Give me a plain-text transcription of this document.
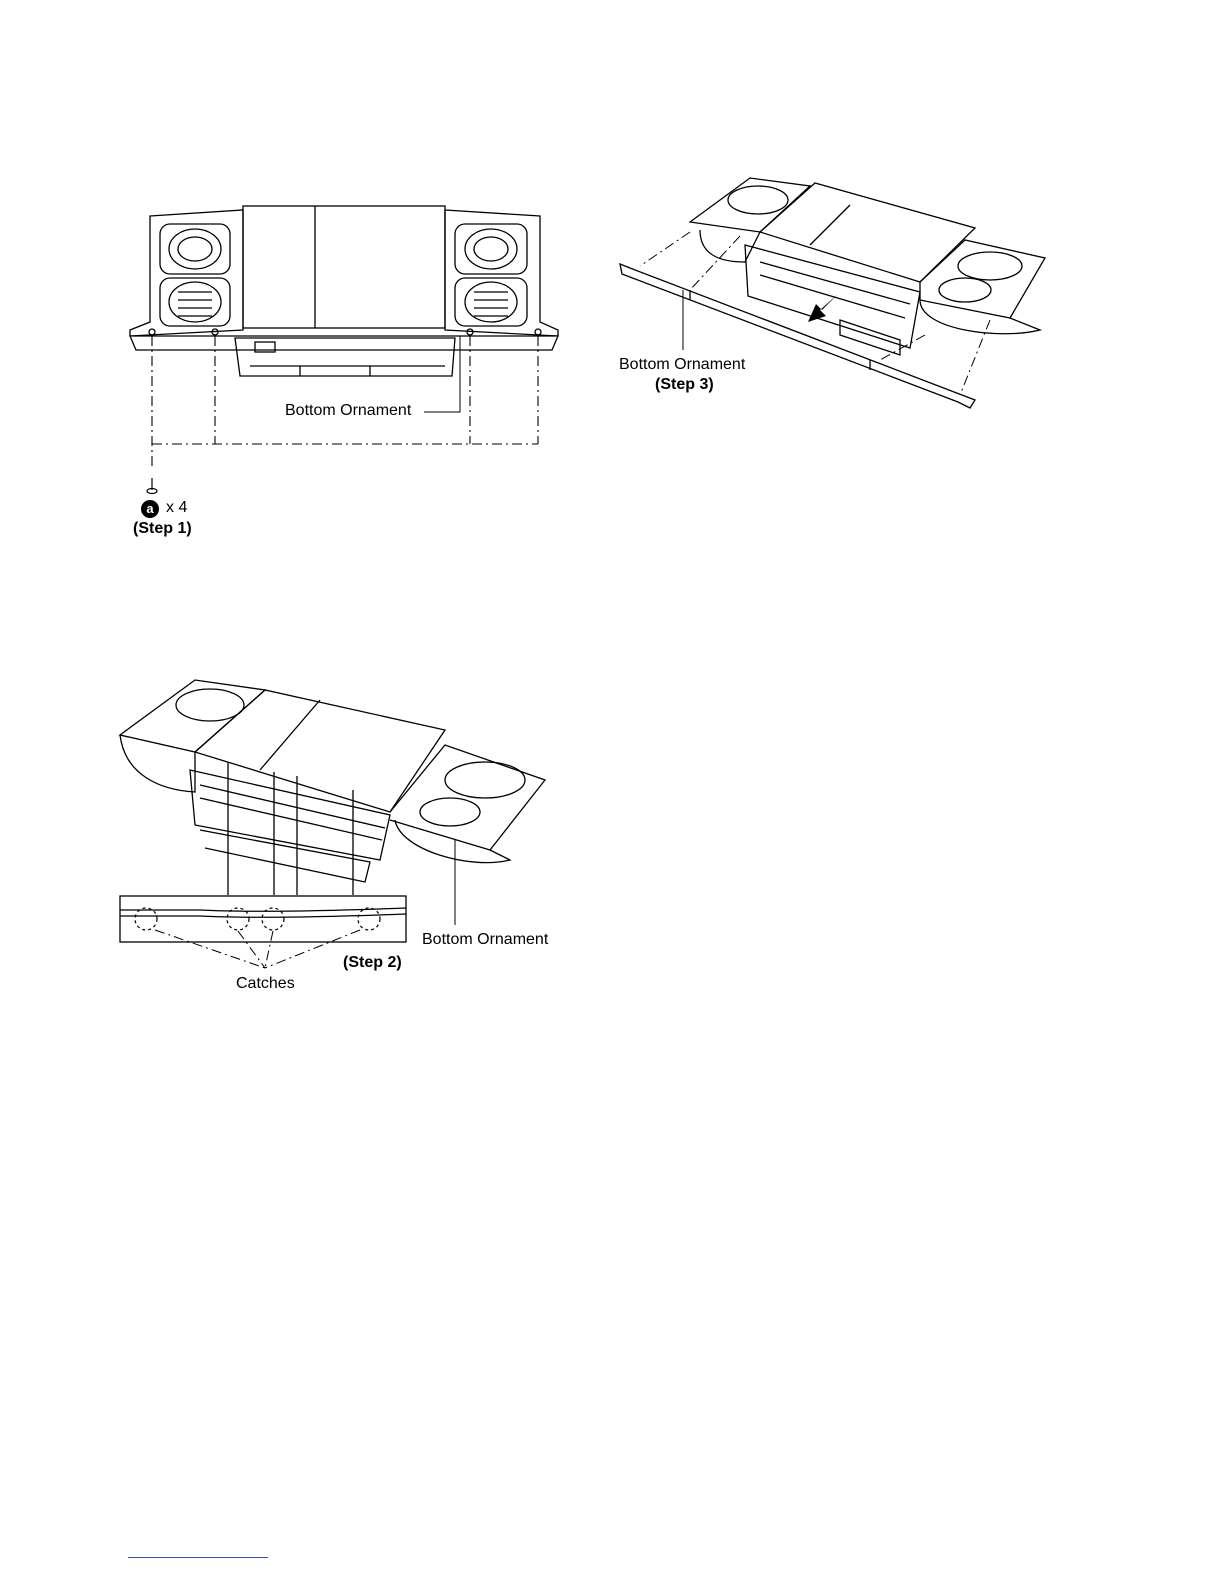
Bottom Ornament
a x 4
(Step 1)
Bottom Ornament
(Step 3)
Bottom Ornament
(Step 2)
Catches
